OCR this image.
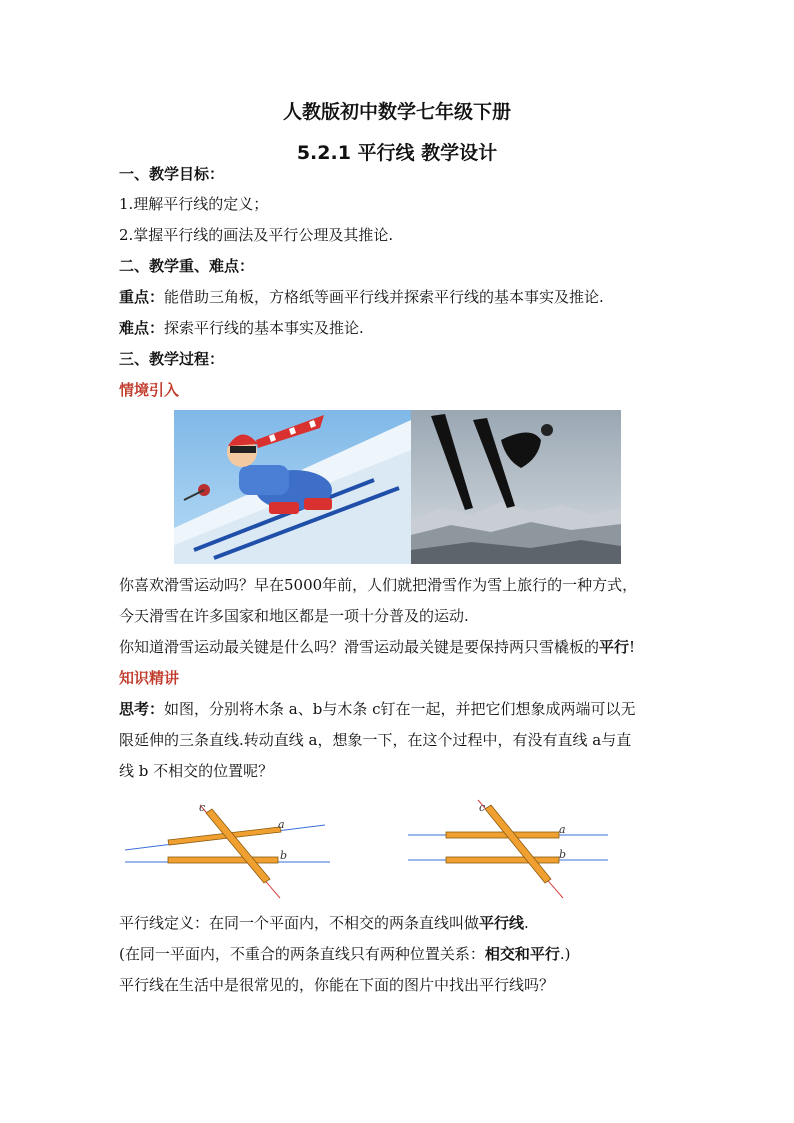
人教版初中数学七年级下册
5.2.1 平行线 教学设计
一、教学目标：
1.理解平行线的定义；
2.掌握平行线的画法及平行公理及其推论.
二、教学重、难点：
重点：能借助三角板，方格纸等画平行线并探索平行线的基本事实及推论.
难点：探索平行线的基本事实及推论.
三、教学过程：
情境引入
你喜欢滑雪运动吗？早在5000年前，人们就把滑雪作为雪上旅行的一种方式，
今天滑雪在许多国家和地区都是一项十分普及的运动.
你知道滑雪运动最关键是什么吗？滑雪运动最关键是要保持两只雪橇板的平行!
知识精讲
思考：如图，分别将木条 a、b与木条 c钉在一起，并把它们想象成两端可以无
限延伸的三条直线.转动直线 a，想象一下，在这个过程中，有没有直线 a与直
线 b 不相交的位置呢？
c
a
b
c
a
b
平行线定义：在同一个平面内，不相交的两条直线叫做平行线.
(在同一平面内，不重合的两条直线只有两种位置关系：相交和平行.)
平行线在生活中是很常见的，你能在下面的图片中找出平行线吗？
